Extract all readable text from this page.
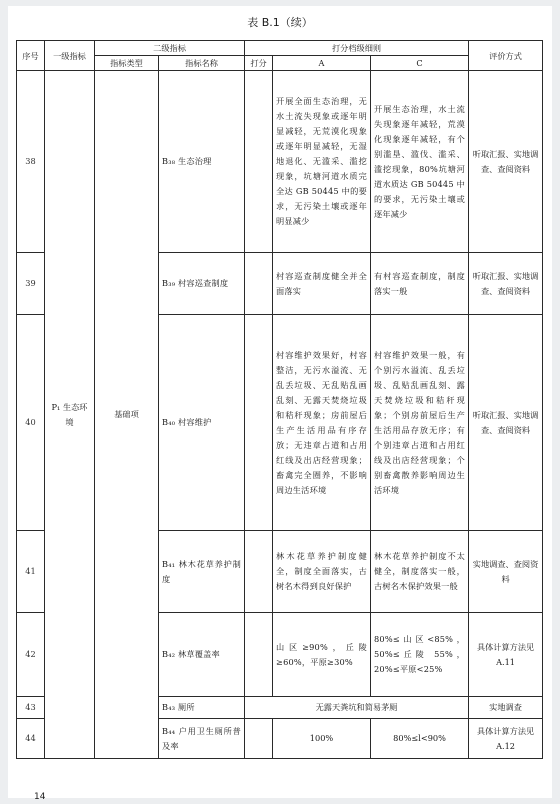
表 B.1（续）
序号	一级指标	二级指标		打分档级细则			评价方式
		指标类型	指标名称	打分	A	C	
38	P₁ 生态环境	基础项	B₃₈ 生态治理		开展全面生态治理，无水土流失现象或逐年明显减轻，无荒漠化现象或逐年明显减轻，无湿地退化、无滥采、滥挖现象，坑塘河道水质完全达 GB 50445 中的要求，无污染土壤或逐年明显减少	开展生态治理，水土流失现象逐年减轻，荒漠化现象逐年减轻，有个别滥垦、滥伐、滥采、滥挖现象，80%坑塘河道水质达 GB 50445 中的要求，无污染土壤或逐年减少	听取汇报、实地调查、查阅资料
39			B₃₉ 村容巡查制度		村容巡查制度健全并全面落实	有村容巡查制度，制度落实一般	听取汇报、实地调查、查阅资料
40			B₄₀ 村容维护		村容维护效果好，村容整洁，无污水溢流、无乱丢垃圾、无乱贴乱画乱刻、无露天焚烧垃圾和秸秆现象；房前屋后生产生活用品有序存放；无违章占道和占用红线及出店经营现象；畜禽完全圈养，不影响周边生活环境	村容维护效果一般，有个别污水溢流、乱丢垃圾、乱贴乱画乱刻、露天焚烧垃圾和秸秆现象；个别房前屋后生产生活用品存放无序；有个别违章占道和占用红线及出店经营现象；个别畜禽散养影响周边生活环境	听取汇报、实地调查、查阅资料
41			B₄₁ 林木花草养护制度		林木花草养护制度健全，制度全面落实，古树名木得到良好保护	林木花草养护制度不太健全，制度落实一般，古树名木保护效果一般	实地调查、查阅资料
42			B₄₂ 林草覆盖率		山区≥90%，丘陵≥60%，平原≥30%	80%≤山区<85%，50%≤丘陵 55%，20%≤平原<25%	具体计算方法见 A.11
43			B₄₃ 厕所	无露天粪坑和简易茅厕			实地调查
44			B₄₄ 户用卫生厕所普及率		100%	80%≤l<90%	具体计算方法见 A.12
14
